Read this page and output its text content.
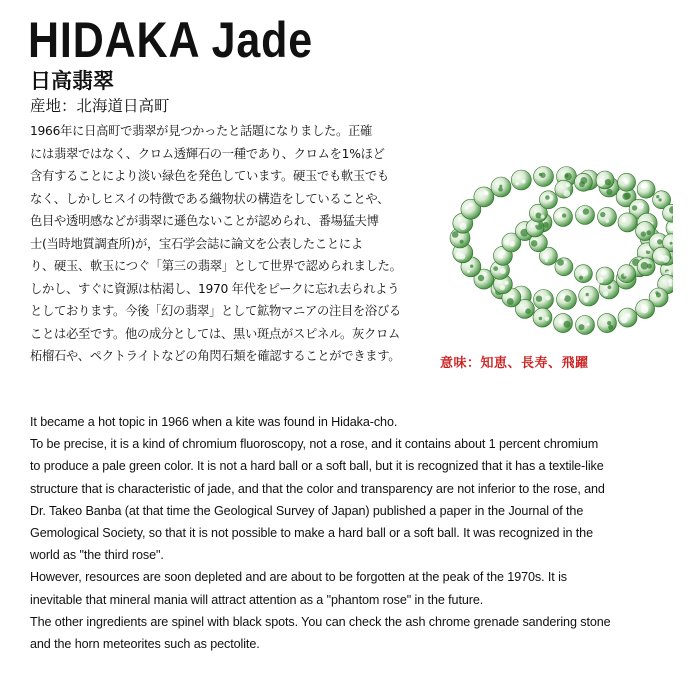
HIDAKA Jade
日高翡翠
産地：北海道日高町
1966年に日高町で翡翠が見つかったと話題になりました。正確
には翡翠ではなく、クロム透輝石の一種であり、クロムを1%ほど
含有することにより淡い緑色を発色しています。硬玉でも軟玉でも
なく、しかしヒスイの特徴である織物状の構造をしていることや、
色目や透明感などが翡翠に遜色ないことが認められ、番場猛夫博
士(当時地質調査所)が，宝石学会誌に論文を公表したことによ
り、硬玉、軟玉につぐ「第三の翡翠」として世界で認められました。
しかし、すぐに資源は枯渇し、1970 年代をピークに忘れ去られよう
としております。今後「幻の翡翠」として鉱物マニアの注目を浴びる
ことは必至です。他の成分としては、黒い斑点がスピネル。灰クロム
柘榴石や、ペクトライトなどの角閃石類を確認することができます。	意味：知恵、長寿、飛躍
It became a hot topic in 1966 when a kite was found in Hidaka-cho.
To be precise, it is a kind of chromium fluoroscopy, not a rose, and it contains about 1 percent chromium
to produce a pale green color. It is not a hard ball or a soft ball, but it is recognized that it has a textile-like
structure that is characteristic of jade, and that the color and transparency are not inferior to the rose, and
Dr. Takeo Banba (at that time the Geological Survey of Japan) published a paper in the Journal of the
Gemological Society, so that it is not possible to make a hard ball or a soft ball. It was recognized in the
world as "the third rose".
However, resources are soon depleted and are about to be forgotten at the peak of the 1970s. It is
inevitable that mineral mania will attract attention as a "phantom rose" in the future.
The other ingredients are spinel with black spots. You can check the ash chrome grenade sandering stone
and the horn meteorites such as pectolite.
